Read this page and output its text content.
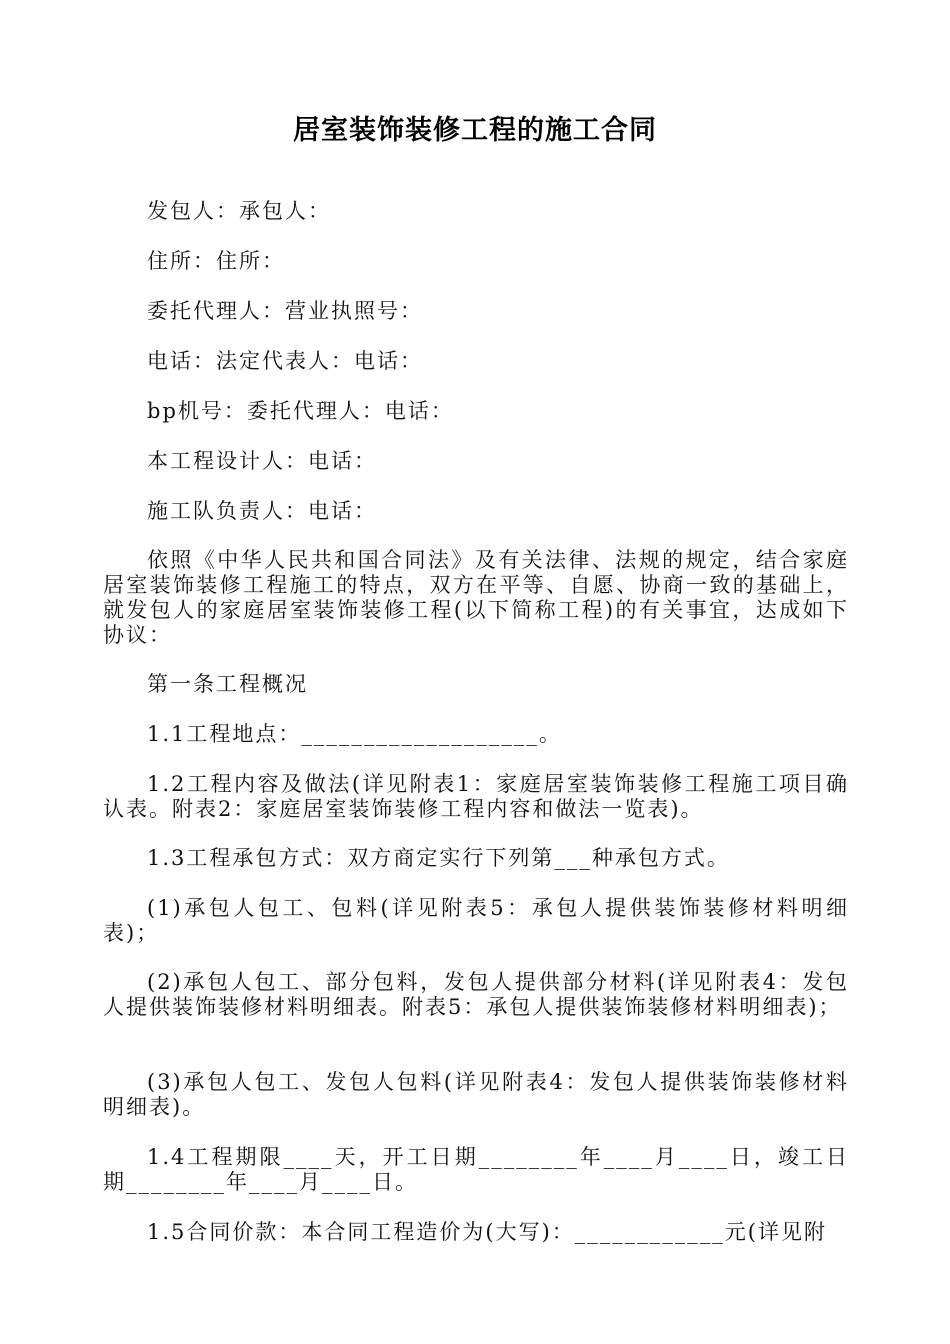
居室装饰装修工程的施工合同

发包人：承包人：

住所：住所：

委托代理人：营业执照号：

电话：法定代表人：电话：

bp机号：委托代理人：电话：

本工程设计人：电话：

施工队负责人：电话：

依照《中华人民共和国合同法》及有关法律、法规的规定，结合家庭居室装饰装修工程施工的特点，双方在平等、自愿、协商一致的基础上，就发包人的家庭居室装饰装修工程(以下简称工程)的有关事宜，达成如下协议：

第一条工程概况

1.1工程地点：___________________。

1.2工程内容及做法(详见附表1：家庭居室装饰装修工程施工项目确认表。附表2：家庭居室装饰装修工程内容和做法一览表)。

1.3工程承包方式：双方商定实行下列第___种承包方式。

(1)承包人包工、包料(详见附表5：承包人提供装饰装修材料明细表)；

(2)承包人包工、部分包料，发包人提供部分材料(详见附表4：发包人提供装饰装修材料明细表。附表5：承包人提供装饰装修材料明细表)；

(3)承包人包工、发包人包料(详见附表4：发包人提供装饰装修材料明细表)。

1.4工程期限____天，开工日期________年____月____日，竣工日期________年____月____日。

1.5合同价款：本合同工程造价为(大写)：____________元(详见附
